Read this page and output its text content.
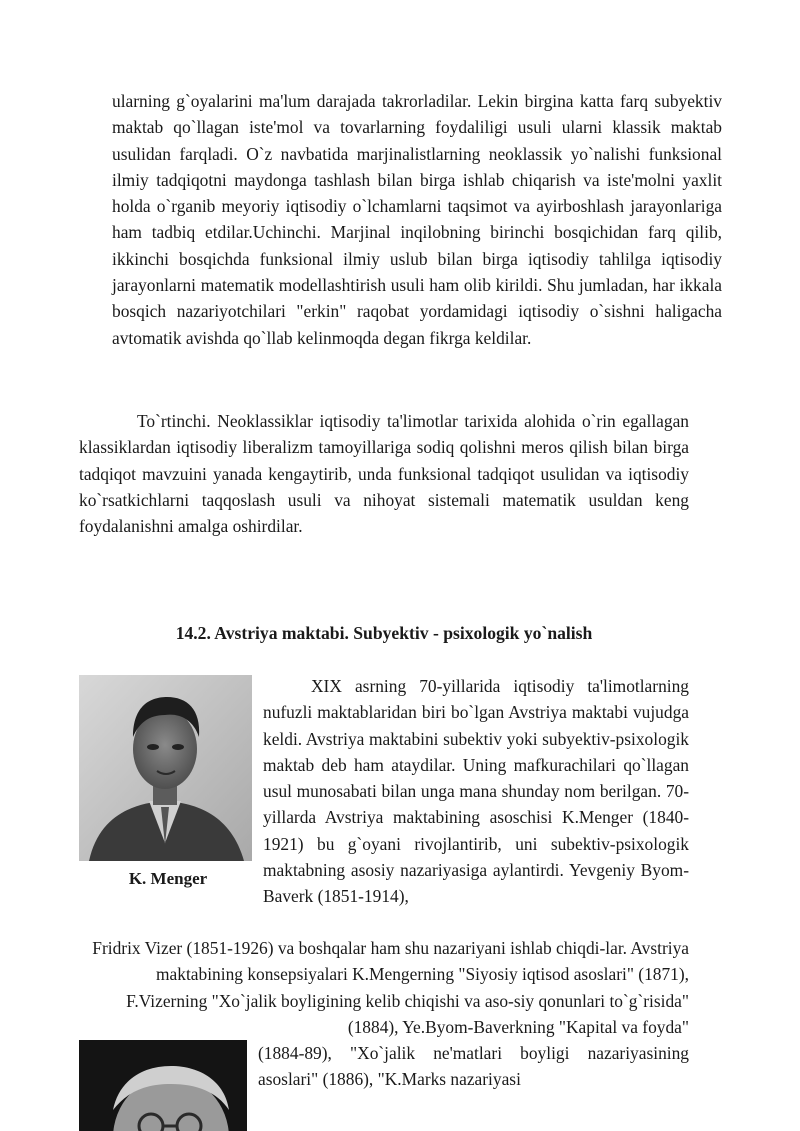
ularning g`oyalarini ma'lum darajada takrorladilar. Lekin birgina katta farq subyektiv maktab qo`llagan iste'mol va tovarlarning foydaliligi usuli ularni klassik maktab usulidan farqladi. O`z navbatida marjinalistlarning neoklassik yo`nalishi funksional ilmiy tadqiqotni maydonga tashlash bilan birga ishlab chiqarish va iste'molni yaxlit holda o`rganib meyoriy iqtisodiy o`lchamlarni taqsimot va ayirboshlash jarayonlariga ham tadbiq etdilar.Uchinchi. Marjinal inqilobning birinchi bosqichidan farq qilib, ikkinchi bosqichda funksional ilmiy uslub bilan birga iqtisodiy tahlilga iqtisodiy jarayonlarni matematik modellashtirish usuli ham olib kirildi. Shu jumladan, har ikkala bosqich nazariyotchilari "erkin" raqobat yordamidagi iqtisodiy o`sishni haligacha avtomatik avishda qo`llab kelinmoqda degan fikrga keldilar.

To`rtinchi. Neoklassiklar iqtisodiy ta'limotlar tarixida alohida o`rin egallagan klassiklardan iqtisodiy liberalizm tamoyillariga sodiq qolishni meros qilish bilan birga tadqiqot mavzuini yanada kengaytirib, unda funksional tadqiqot usulidan va iqtisodiy ko`rsatkichlarni taqqoslash usuli va nihoyat sistemali matematik usuldan keng foydalanishni amalga oshirdilar.

14.2. Avstriya maktabi. Subyektiv - psixologik yo`nalish
K. Menger

XIX asrning 70-yillarida iqtisodiy ta'limotlarning nufuzli maktablaridan biri bo`lgan Avstriya maktabi vujudga keldi. Avstriya maktabini subektiv yoki subyektiv-psixologik maktab deb ham ataydilar. Uning mafkurachilari qo`llagan usul munosabati bilan unga mana shunday nom berilgan. 70-yillarda Avstriya maktabining asoschisi K.Menger (1840-1921) bu g`oyani rivojlantirib, uni subektiv-psixologik maktabning asosiy nazariyasiga aylantirdi. Yevgeniy Byom-Baverk (1851-1914),

Fridrix Vizer (1851-1926) va boshqalar ham shu nazariyani ishlab chiqdi-lar. Avstriya maktabining konsepsiyalari K.Mengerning "Siyosiy iqtisod asoslari" (1871), F.Vizerning "Xo`jalik boyligining kelib chiqishi va aso-siy qonunlari to`g`risida" (1884), Ye.Byom-Baverkning "Kapital va foyda"

(1884-89), "Xo`jalik ne'matlari boyligi nazariyasining asoslari" (1886), "K.Marks nazariyasi
